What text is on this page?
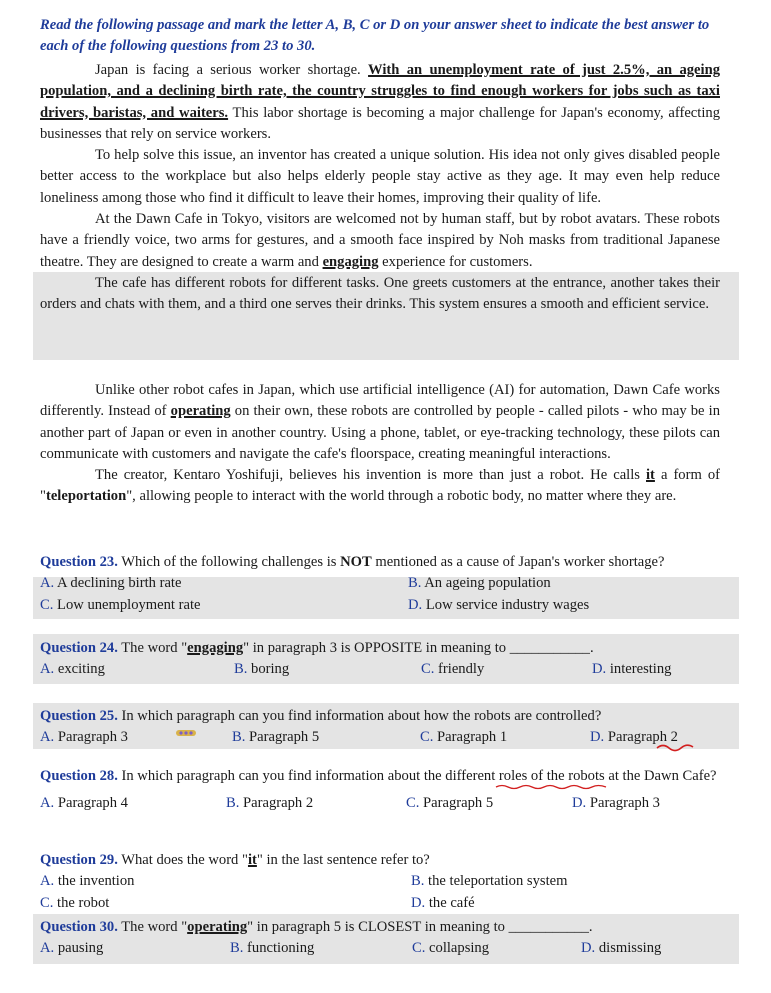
Read the following passage and mark the letter A, B, C or D on your answer sheet to indicate the best answer to each of the following questions from 23 to 30.

Japan is facing a serious worker shortage. With an unemployment rate of just 2.5%, an ageing population, and a declining birth rate, the country struggles to find enough workers for jobs such as taxi drivers, baristas, and waiters. This labor shortage is becoming a major challenge for Japan's economy, affecting businesses that rely on service workers.

To help solve this issue, an inventor has created a unique solution. His idea not only gives disabled people better access to the workplace but also helps elderly people stay active as they age. It may even help reduce loneliness among those who find it difficult to leave their homes, improving their quality of life.

At the Dawn Cafe in Tokyo, visitors are welcomed not by human staff, but by robot avatars. These robots have a friendly voice, two arms for gestures, and a smooth face inspired by Noh masks from traditional Japanese theatre. They are designed to create a warm and engaging experience for customers.

The cafe has different robots for different tasks. One greets customers at the entrance, another takes their orders and chats with them, and a third one serves their drinks. This system ensures a smooth and efficient service.

Unlike other robot cafes in Japan, which use artificial intelligence (AI) for automation, Dawn Cafe works differently. Instead of operating on their own, these robots are controlled by people - called pilots - who may be in another part of Japan or even in another country. Using a phone, tablet, or eye-tracking technology, these pilots can communicate with customers and navigate the cafe's floorspace, creating meaningful interactions.

The creator, Kentaro Yoshifuji, believes his invention is more than just a robot. He calls it a form of "teleportation", allowing people to interact with the world through a robotic body, no matter where they are.

Question 23. Which of the following challenges is NOT mentioned as a cause of Japan's worker shortage?
A. A declining birth rate	B. An ageing population
C. Low unemployment rate	D. Low service industry wages
Question 24. The word "engaging" in paragraph 3 is OPPOSITE in meaning to ___________.
A. exciting	B. boring	C. friendly	D. interesting
Question 25. In which paragraph can you find information about how the robots are controlled?
A. Paragraph 3	B. Paragraph 5	C. Paragraph 1	D. Paragraph 2
Question 28. In which paragraph can you find information about the different roles of the robots at the Dawn Cafe?
A. Paragraph 4	B. Paragraph 2	C. Paragraph 5	D. Paragraph 3
Question 29. What does the word "it" in the last sentence refer to?
A. the invention	B. the teleportation system
C. the robot	D. the café
Question 30. The word "operating" in paragraph 5 is CLOSEST in meaning to ___________.
A. pausing	B. functioning	C. collapsing	D. dismissing
